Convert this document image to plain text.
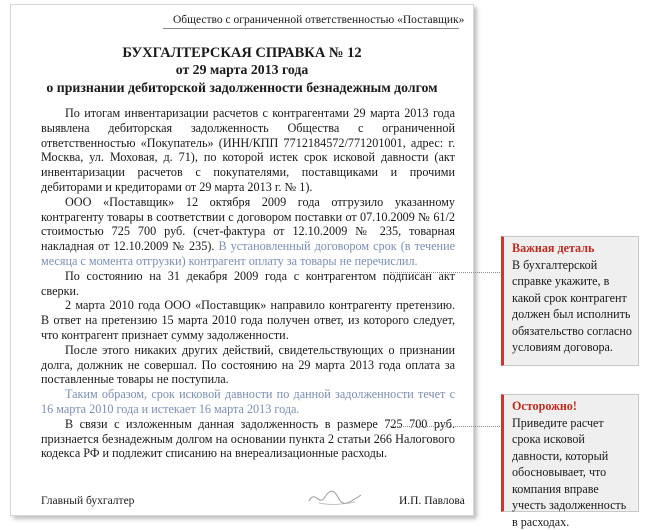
Общество с ограниченной ответственностью «Поставщик»
БУХГАЛТЕРСКАЯ СПРАВКА № 12
от 29 марта 2013 года
о признании дебиторской задолженности безнадежным долгом

По итогам инвентаризации расчетов с контрагентами 29 марта 2013 года выявлена дебиторская задолженность Общества с ограниченной ответственностью «Покупатель» (ИНН/КПП 7712184572/771201001, адрес: г. Москва, ул. Моховая, д. 71), по которой истек срок исковой давности (акт инвентаризации расчетов с покупателями, поставщиками и прочими дебиторами и кредиторами от 29 марта 2013 г. № 1).

ООО «Поставщик» 12 октября 2009 года отгрузило указанному контрагенту товары в соответствии с договором поставки от 07.10.2009 № 61/2 стоимостью 725 700 руб. (счет-фактура от 12.10.2009 № 235, товарная накладная от 12.10.2009 № 235). В установленный договором срок (в течение месяца с момента отгрузки) контрагент оплату за товары не перечислил.

По состоянию на 31 декабря 2009 года с контрагентом подписан акт сверки.

2 марта 2010 года ООО «Поставщик» направило контрагенту претензию. В ответ на претензию 15 марта 2010 года получен ответ, из которого следует, что контрагент признает сумму задолженности.

После этого никаких других действий, свидетельствующих о признании долга, должник не совершал. По состоянию на 29 марта 2013 года оплата за поставленные товары не поступила.

Таким образом, срок исковой давности по данной задолженности течет с 16 марта 2010 года и истекает 16 марта 2013 года.

В связи с изложенным данная задолженность в размере 725 700 руб. признается безнадежным долгом на основании пункта 2 статьи 266 Налогового кодекса РФ и подлежит списанию на внереализационные расходы.

Главный бухгалтер	И.П. Павлова
Важная деталь
В бухгалтерской справке укажите, в какой срок контрагент должен был исполнить обязательство согласно условиям договора.
Осторожно!
Приведите расчет срока исковой давности, который обосновывает, что компания вправе учесть задолженность в расходах.
